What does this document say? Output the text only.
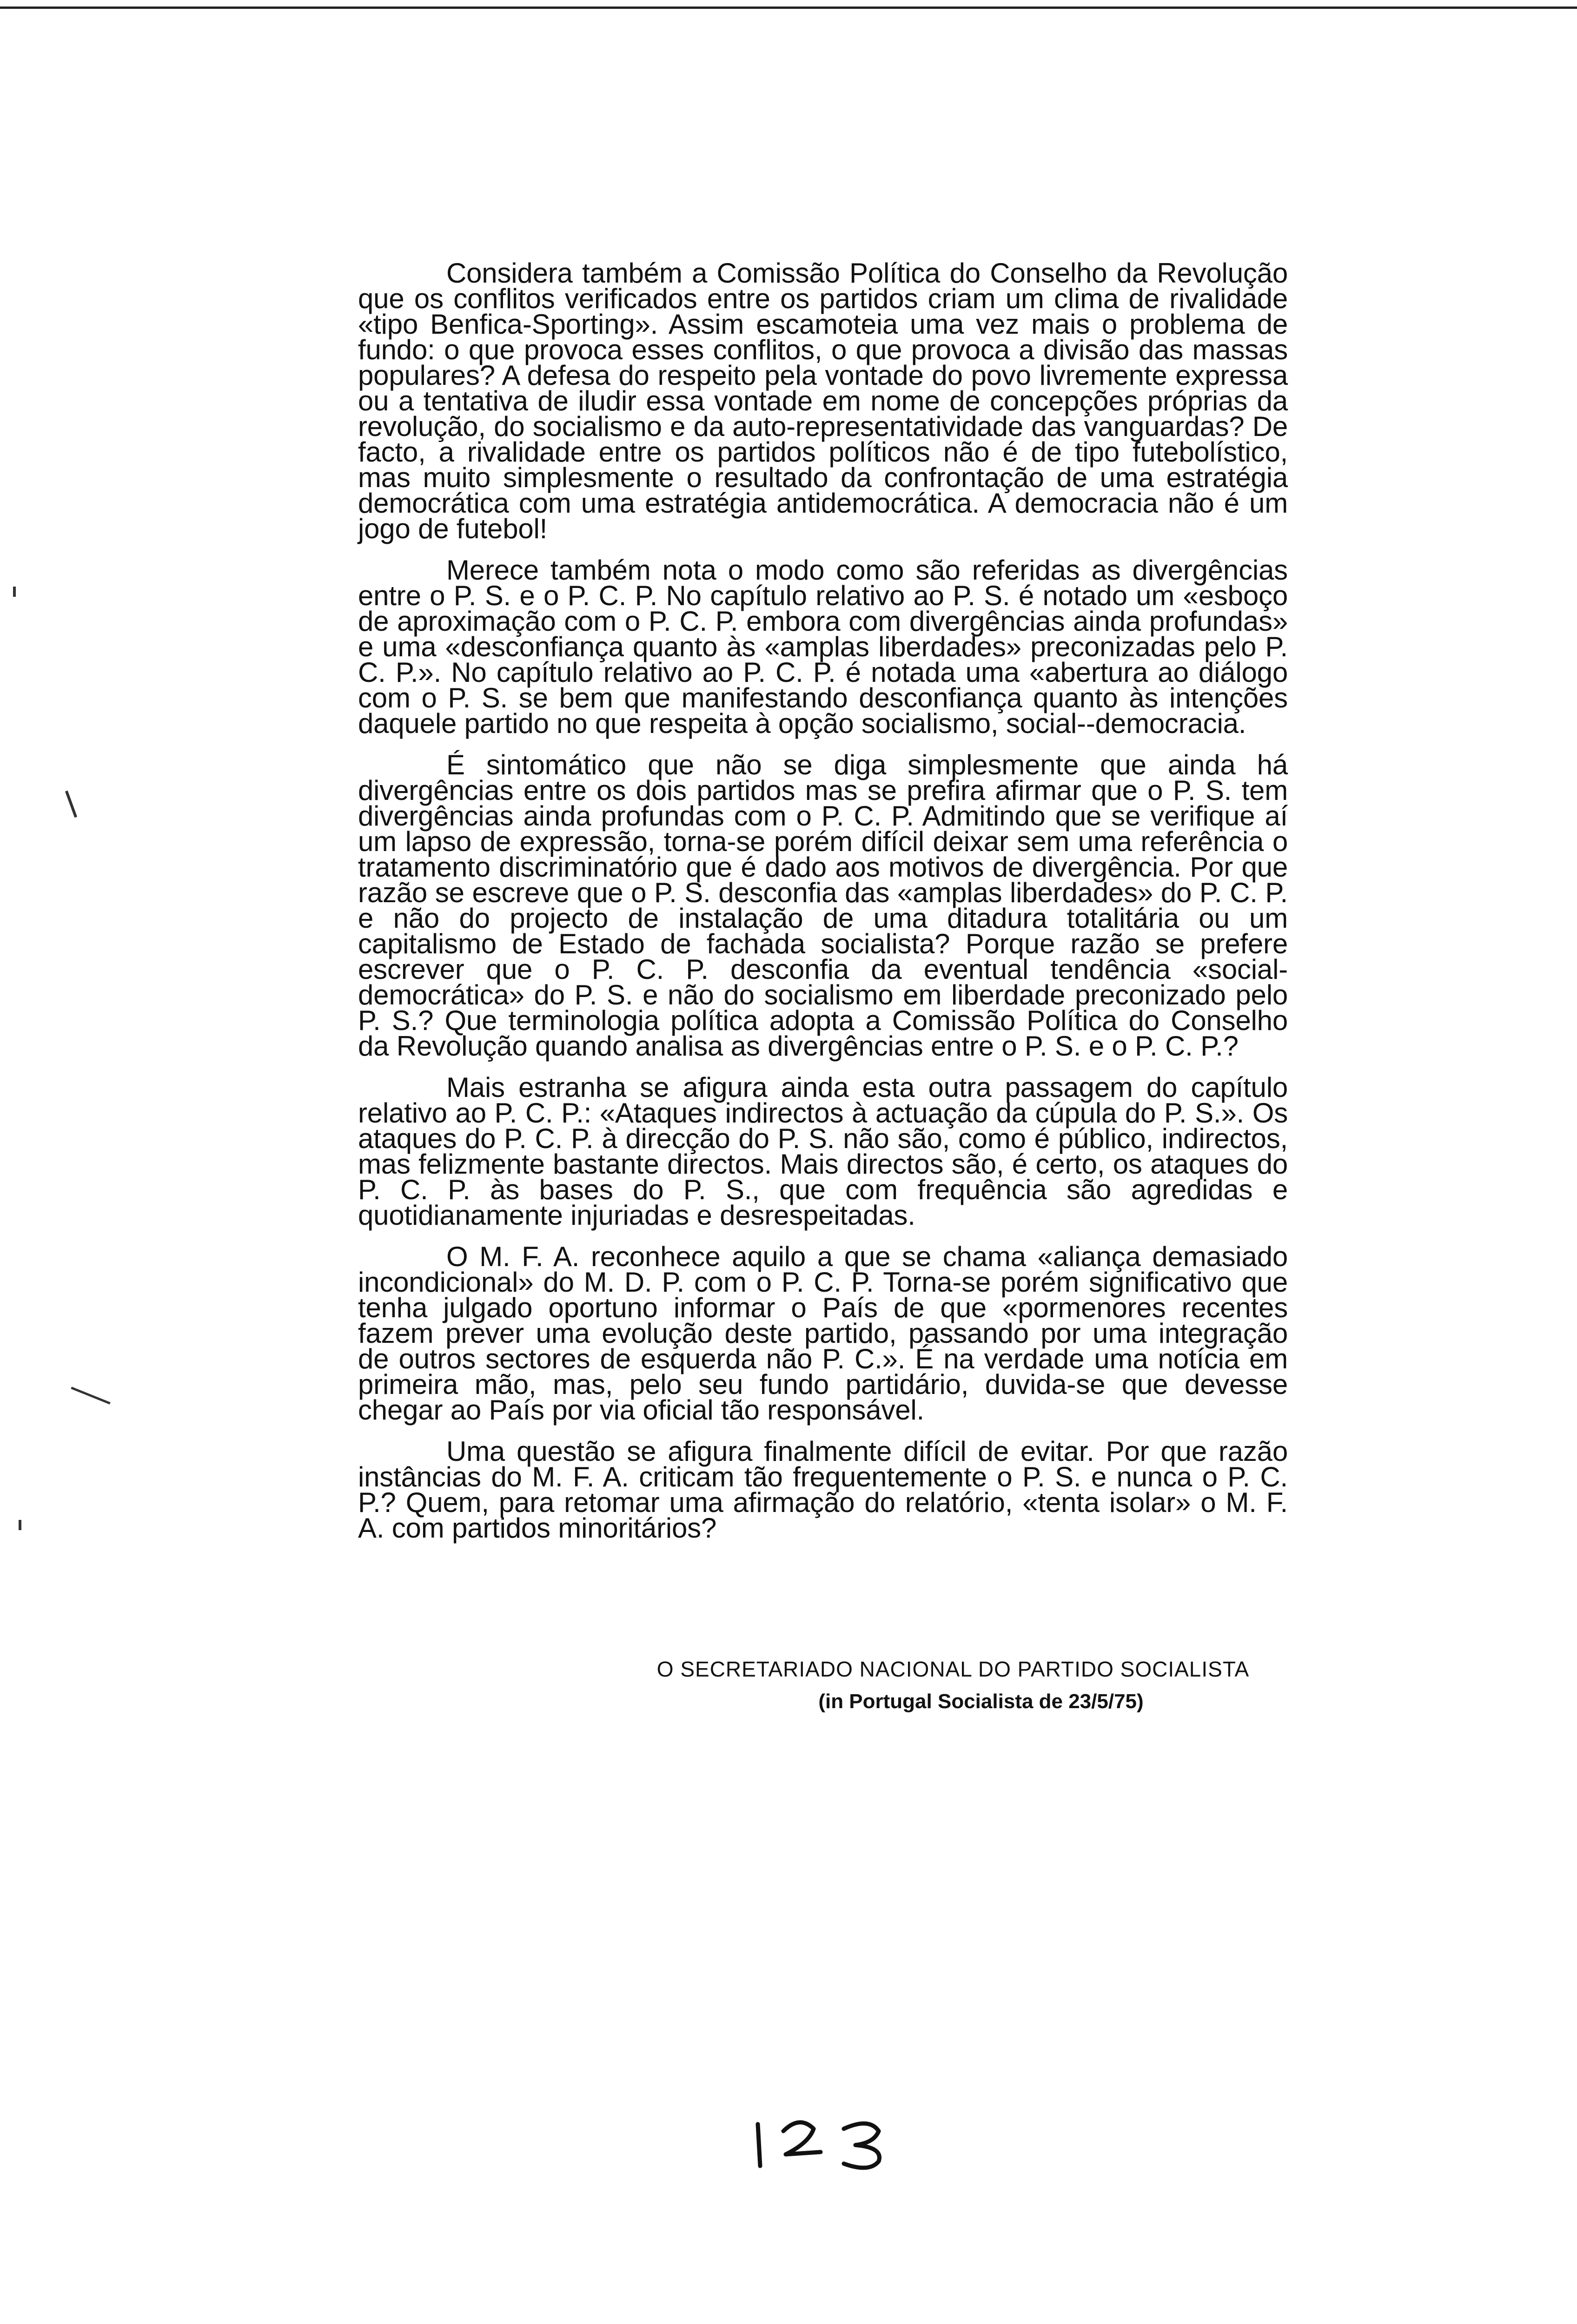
Considera também a Comissão Política do Conselho da Revolução que os conflitos verificados entre os partidos criam um clima de rivalidade «tipo Benfica-Sporting». Assim escamoteia uma vez mais o problema de fundo: o que provoca esses conflitos, o que provoca a divisão das massas populares? A defesa do respeito pela vontade do povo livremente expressa ou a tentativa de iludir essa vontade em nome de concepções próprias da revolução, do socialismo e da auto-representatividade das vanguardas? De facto, a rivalidade entre os partidos políticos não é de tipo futebolístico, mas muito simplesmente o resultado da confrontação de uma estratégia democrática com uma estratégia antidemocrática. A democracia não é um jogo de futebol!

Merece também nota o modo como são referidas as divergências entre o P. S. e o P. C. P. No capítulo relativo ao P. S. é notado um «esboço de aproximação com o P. C. P. embora com divergências ainda profundas» e uma «desconfiança quanto às «amplas liberdades» preconizadas pelo P. C. P.». No capítulo relativo ao P. C. P. é notada uma «abertura ao diálogo com o P. S. se bem que manifestando desconfiança quanto às intenções daquele partido no que respeita à opção socialismo, social--democracia.

É sintomático que não se diga simplesmente que ainda há divergências entre os dois partidos mas se prefira afirmar que o P. S. tem divergências ainda profundas com o P. C. P. Admitindo que se verifique aí um lapso de expressão, torna-se porém difícil deixar sem uma referência o tratamento discriminatório que é dado aos motivos de divergência. Por que razão se escreve que o P. S. desconfia das «amplas liberdades» do P. C. P. e não do projecto de instalação de uma ditadura totalitária ou um capitalismo de Estado de fachada socialista? Porque razão se prefere escrever que o P. C. P. desconfia da eventual tendência «social-democrática» do P. S. e não do socialismo em liberdade preconizado pelo P. S.? Que terminologia política adopta a Comissão Política do Conselho da Revolução quando analisa as divergências entre o P. S. e o P. C. P.?

Mais estranha se afigura ainda esta outra passagem do capítulo relativo ao P. C. P.: «Ataques indirectos à actuação da cúpula do P. S.». Os ataques do P. C. P. à direcção do P. S. não são, como é público, indirectos, mas felizmente bastante directos. Mais directos são, é certo, os ataques do P. C. P. às bases do P. S., que com frequência são agredidas e quotidianamente injuriadas e desrespeitadas.

O M. F. A. reconhece aquilo a que se chama «aliança demasiado incondicional» do M. D. P. com o P. C. P. Torna-se porém significativo que tenha julgado oportuno informar o País de que «pormenores recentes fazem prever uma evolução deste partido, passando por uma integração de outros sectores de esquerda não P. C.». É na verdade uma notícia em primeira mão, mas, pelo seu fundo partidário, duvida-se que devesse chegar ao País por via oficial tão responsável.

Uma questão se afigura finalmente difícil de evitar. Por que razão instâncias do M. F. A. criticam tão frequentemente o P. S. e nunca o P. C. P.? Quem, para retomar uma afirmação do relatório, «tenta isolar» o M. F. A. com partidos minoritários?

O SECRETARIADO NACIONAL DO PARTIDO SOCIALISTA
(in Portugal Socialista de 23/5/75)
